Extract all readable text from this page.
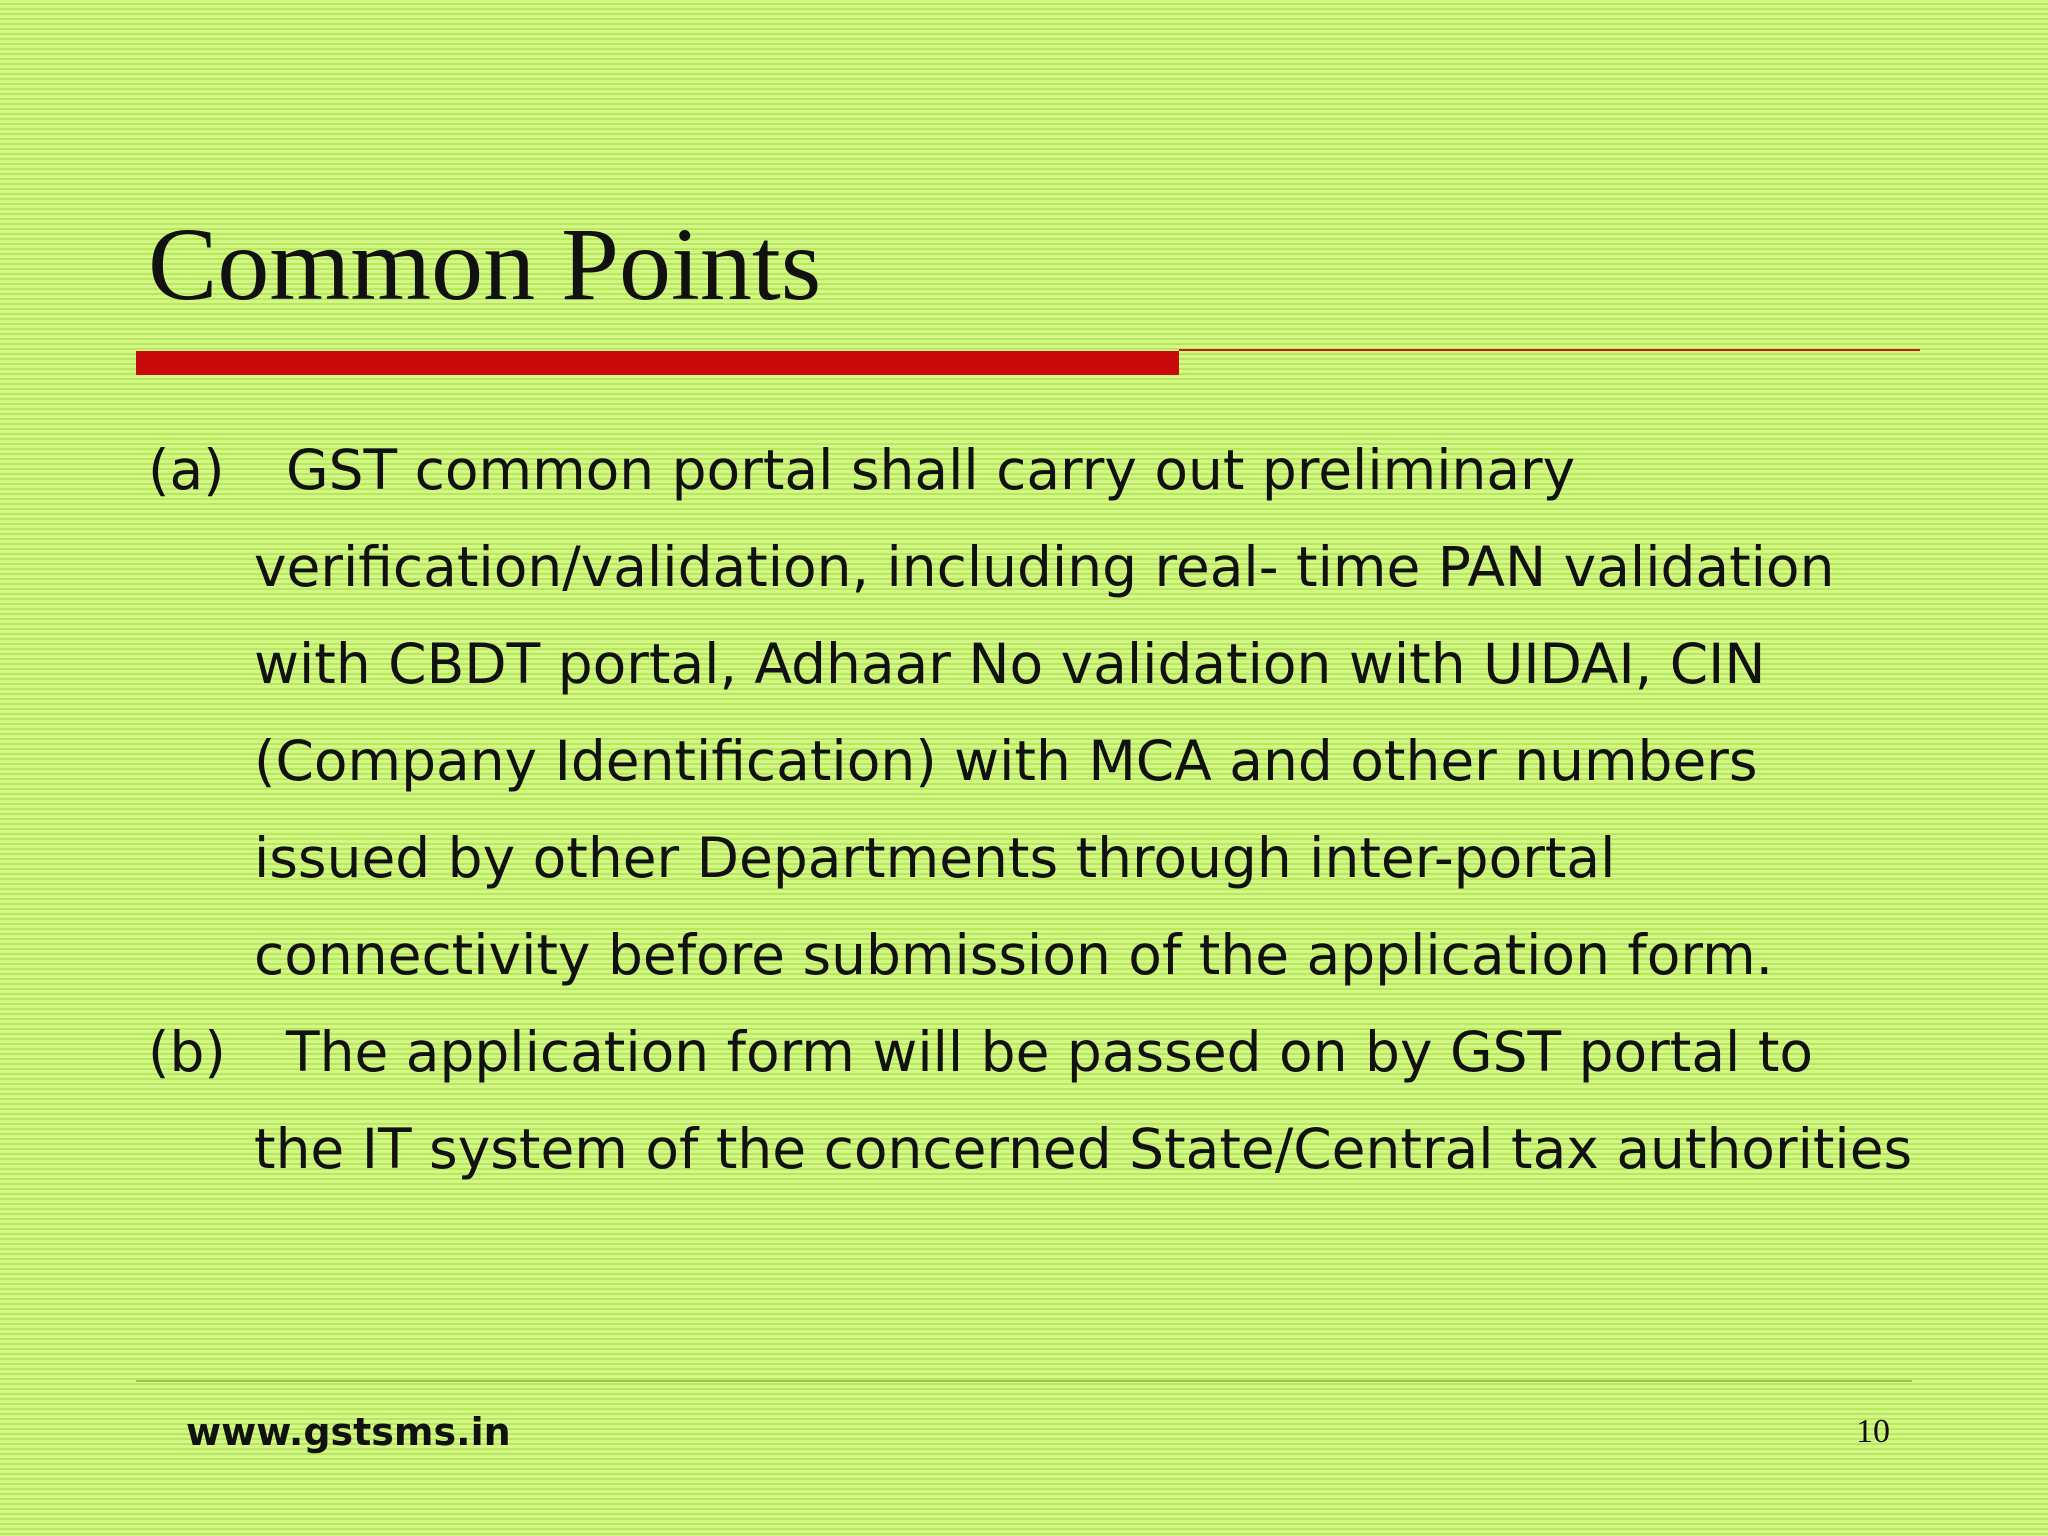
Common Points
(a)	GST common portal shall carry out preliminary
verification/validation, including real- time PAN validation
with CBDT portal, Adhaar No validation with UIDAI, CIN
(Company Identification) with MCA and other numbers
issued by other Departments through inter-portal
connectivity before submission of the application form.
(b)	The application form will be passed on by GST portal to
the IT system of the concerned State/Central tax authorities
www.gstsms.in	10
